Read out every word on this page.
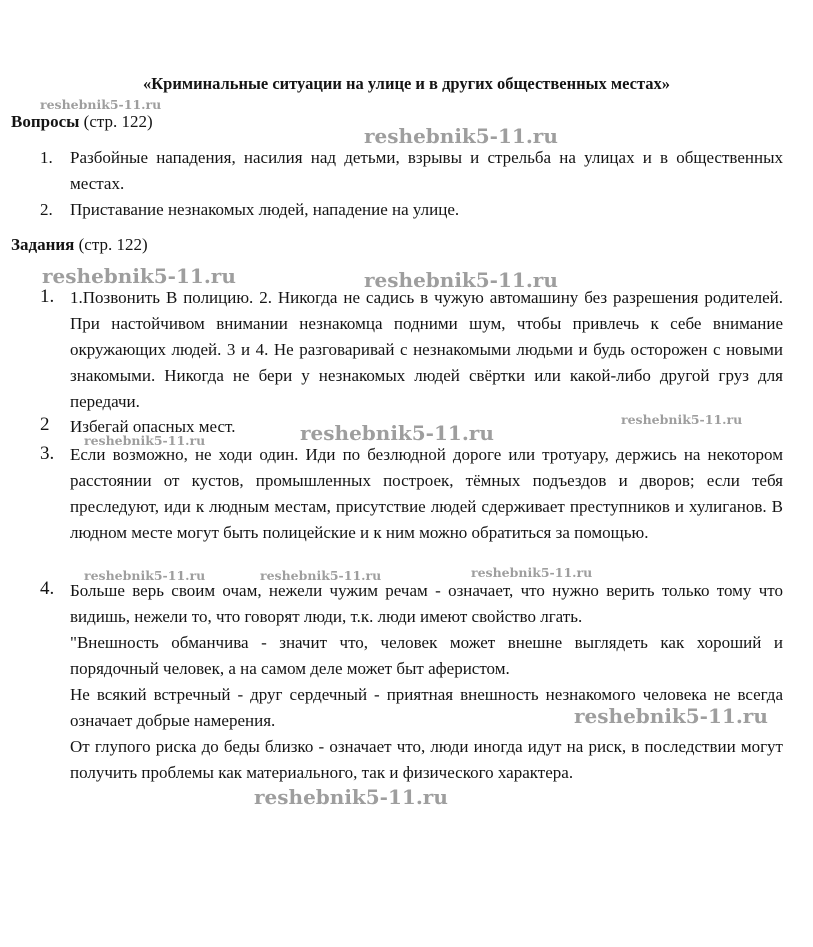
«Криминальные ситуации на улице и в других общественных местах»
Вопросы (стр. 122)
1. Разбойные нападения, насилия над детьми, взрывы и стрельба на улицах и в общественных местах.
2. Приставание незнакомых людей, нападение на улице.
Задания (стр. 122)
1. 1.Позвонить В полицию. 2. Никогда не садись в чужую автомашину без разрешения родителей. При настойчивом внимании незнакомца подними шум, чтобы привлечь к себе внимание окружающих людей. 3 и 4. Не разговаривай с незнакомыми людьми и будь осторожен с новыми знакомыми. Никогда не бери у незнакомых людей свёртки или какой-либо другой груз для передачи.
2 Избегай опасных мест.
3. Если возможно, не ходи один. Иди по безлюдной дороге или тротуару, держись на некотором расстоянии от кустов, промышленных построек, тёмных подъездов и дворов; если тебя преследуют, иди к людным местам, присутствие людей сдерживает преступников и хулиганов. В людном месте могут быть полицейские и к ним можно обратиться за помощью.
4. Больше верь своим очам, нежели чужим речам - означает, что нужно верить только тому что видишь, нежели то, что говорят люди, т.к. люди имеют свойство лгать.
"Внешность обманчива - значит что, человек может внешне выглядеть как хороший и порядочный человек, а на самом деле может быт аферистом.
Не всякий встречный - друг сердечный - приятная внешность незнакомого человека не всегда означает добрые намерения.
От глупого риска до беды близко - означает что, люди иногда идут на риск, в последствии могут получить проблемы как материального, так и физического характера.
reshebnik5-11.ru
reshebnik5-11.ru
reshebnik5-11.ru	reshebnik5-11.ru
reshebnik5-11.ru
reshebnik5-11.ru
reshebnik5-11.ru
reshebnik5-11.ru	reshebnik5-11.ru	reshebnik5-11.ru
reshebnik5-11.ru
reshebnik5-11.ru
